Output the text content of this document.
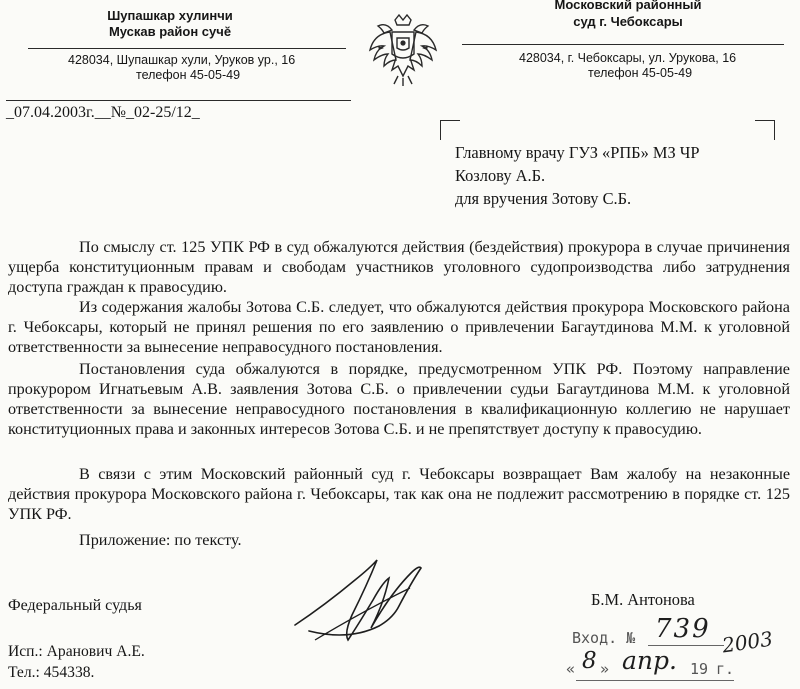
Шупашкар хулинчи
Мускав район сучĕ
428034, Шупашкар хули, Уруков ур., 16
телефон 45-05-49
Московский районный
суд г. Чебоксары
428034, г. Чебоксары, ул. Урукова, 16
телефон 45-05-49
_07.04.2003г.__№_02-25/12_
Главному врачу ГУЗ «РПБ» МЗ ЧР
Козлову А.Б.
для вручения Зотову С.Б.
По смыслу ст. 125 УПК РФ в суд обжалуются действия (бездействия) прокурора в случае причинения ущерба конституционным правам и свободам участников уголовного судопроизводства либо затруднения доступа граждан к правосудию.
Из содержания жалобы Зотова С.Б. следует, что обжалуются действия прокурора Московского района г. Чебоксары, который не принял решения по его заявлению о привлечении Багаутдинова М.М. к уголовной ответственности за вынесение неправосудного постановления.
Постановления суда обжалуются в порядке, предусмотренном УПК РФ. Поэтому направление прокурором Игнатьевым А.В. заявления Зотова С.Б. о привлечении судьи Багаутдинова М.М. к уголовной ответственности за вынесение неправосудного постановления в квалификационную коллегию не нарушает конституционных права и законных интересов Зотова С.Б. и не препятствует доступу к правосудию.
В связи с этим Московский районный суд г. Чебоксары возвращает Вам жалобу на незаконные действия прокурора Московского района г. Чебоксары, так как она не подлежит рассмотрению в порядке ст. 125 УПК РФ.
Приложение: по тексту.
Федеральный судья	Б.М. Антонова
Исп.: Аранович А.Е.
Тел.: 454338.
Вход. № 739
« 8 » апр. 19 г.
2003
